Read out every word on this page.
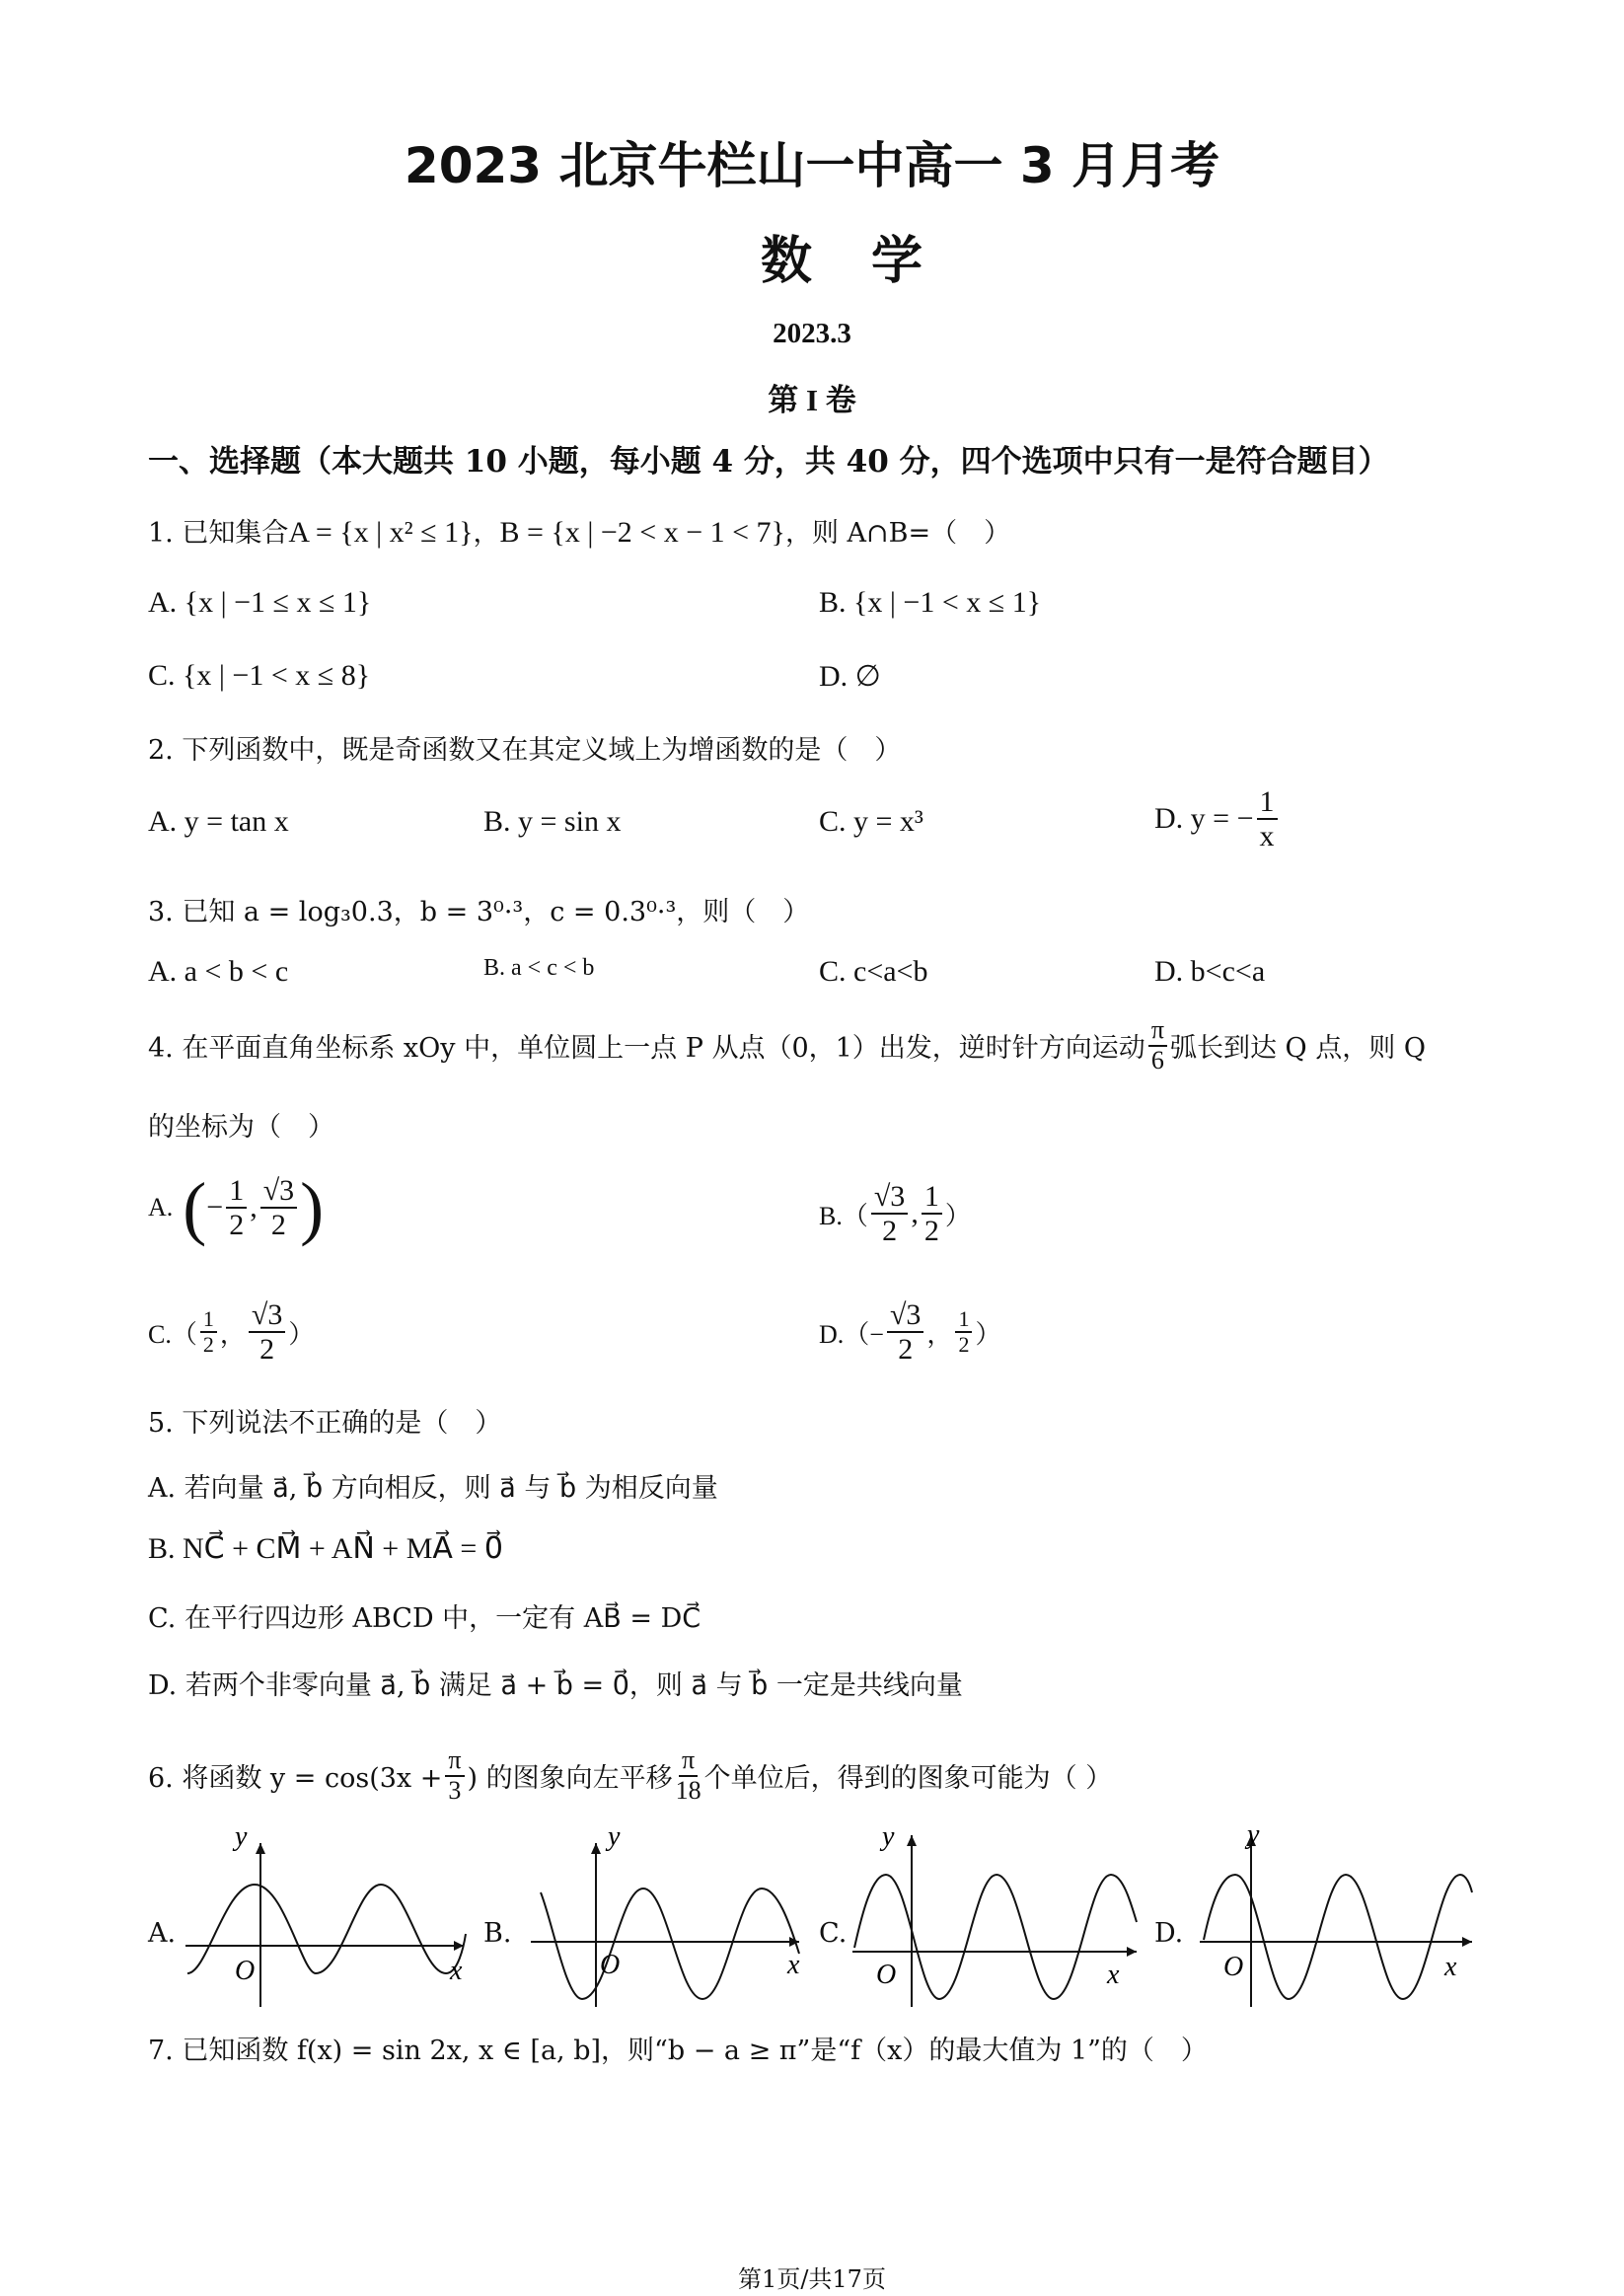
2023 北京牛栏山一中高一 3 月月考
数学
2023.3
第 I 卷
一、选择题（本大题共 10 小题，每小题 4 分，共 40 分，四个选项中只有一是符合题目）
1. 已知集合A = {x | x² ≤ 1}，B = {x | −2 < x − 1 < 7}，则 A∩B=（　）
A. {x | −1 ≤ x ≤ 1}	B. {x | −1 < x ≤ 1}
C. {x | −1 < x ≤ 8}	D. ∅
2. 下列函数中，既是奇函数又在其定义域上为增函数的是（　）
A. y = tan x	B. y = sin x	C. y = x³	D. y = − $\frac{1}{x}$
3. 已知 a = log₃0.3，b = 3⁰·³，c = 0.3⁰·³，则（　）
A. a < b < c	B. a < c < b	C. c<a<b	D. b<c<a
4. 在平面直角坐标系 xOy 中，单位圆上一点 P 从点（0，1）出发，逆时针方向运动 $\frac{\pi}{6}$ 弧长到达 Q 点，则 Q
的坐标为（　）
A. ( − $\frac{1}{2}$ , $\frac{√3}{2}$ )	$B.( \frac{√3}{2}$ , $\frac{1}{2}$ ）
$C.( \frac{1}{2}$ ， $\frac{√3}{2}$ ）	$D.(- \frac{√3}{2}$ ， $\frac{1}{2}$ ）
5. 下列说法不正确的是（　）
A. 若向量 a⃗, b⃗ 方向相反，则 a⃗ 与 b⃗ 为相反向量
B. NC⃗ + CM⃗ + AN⃗ + MA⃗ = 0⃗
C. 在平行四边形 ABCD 中，一定有 AB⃗ = DC⃗
D. 若两个非零向量 a⃗, b⃗ 满足 a⃗ + b⃗ = 0⃗，则 a⃗ 与 b⃗ 一定是共线向量
6. 将函数 $y = \cos(3x + \frac{\pi}{3}$ ) 的图象向左平移 $\frac{\pi}{18}$ 个单位后，得到的图象可能为（ ）
A.
y
x
O
B.
y
x
O
C.
y
x
O
D.
y
x
O
7. 已知函数 f(x) = sin 2x, x ∈ [a, b]，则“b − a ≥ π”是“f（x）的最大值为 1”的（　）
第1页/共17页
